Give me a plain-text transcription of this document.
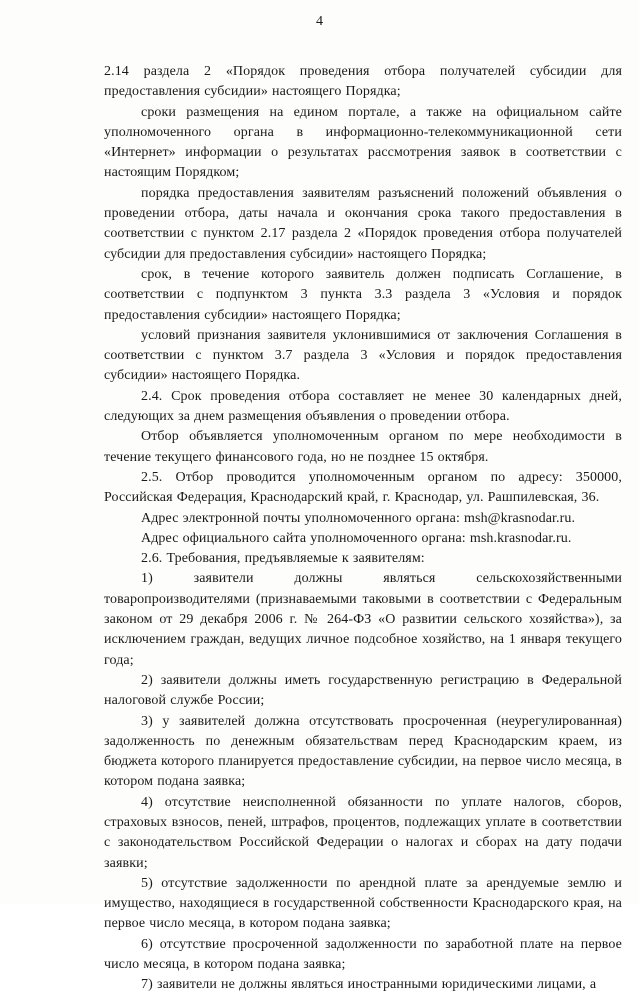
4

2.14 раздела 2 «Порядок проведения отбора получателей субсидии для предоставления субсидии» настоящего Порядка;

сроки размещения на едином портале, а также на официальном сайте уполномоченного органа в информационно-телекоммуникационной сети «Интернет» информации о результатах рассмотрения заявок в соответствии с настоящим Порядком;

порядка предоставления заявителям разъяснений положений объявления о проведении отбора, даты начала и окончания срока такого предоставления в соответствии с пунктом 2.17 раздела 2 «Порядок проведения отбора получателей субсидии для предоставления субсидии» настоящего Порядка;

срок, в течение которого заявитель должен подписать Соглашение, в соответствии с подпунктом 3 пункта 3.3 раздела 3 «Условия и порядок предоставления субсидии» настоящего Порядка;

условий признания заявителя уклонившимися от заключения Соглашения в соответствии с пунктом 3.7 раздела 3 «Условия и порядок предоставления субсидии» настоящего Порядка.

2.4. Срок проведения отбора составляет не менее 30 календарных дней, следующих за днем размещения объявления о проведении отбора.

Отбор объявляется уполномоченным органом по мере необходимости в течение текущего финансового года, но не позднее 15 октября.

2.5. Отбор проводится уполномоченным органом по адресу: 350000, Российская Федерация, Краснодарский край, г. Краснодар, ул. Рашпилевская, 36.

Адрес электронной почты уполномоченного органа: msh@krasnodar.ru.

Адрес официального сайта уполномоченного органа: msh.krasnodar.ru.

2.6. Требования, предъявляемые к заявителям:

1) заявители должны являться сельскохозяйственными товаропроизводителями (признаваемыми таковыми в соответствии с Федеральным законом от 29 декабря 2006 г. № 264-ФЗ «О развитии сельского хозяйства»), за исключением граждан, ведущих личное подсобное хозяйство, на 1 января текущего года;

2) заявители должны иметь государственную регистрацию в Федеральной налоговой службе России;

3) у заявителей должна отсутствовать просроченная (неурегулированная) задолженность по денежным обязательствам перед Краснодарским краем, из бюджета которого планируется предоставление субсидии, на первое число месяца, в котором подана заявка;

4) отсутствие неисполненной обязанности по уплате налогов, сборов, страховых взносов, пеней, штрафов, процентов, подлежащих уплате в соответствии с законодательством Российской Федерации о налогах и сборах на дату подачи заявки;

5) отсутствие задолженности по арендной плате за арендуемые землю и имущество, находящиеся в государственной собственности Краснодарского края, на первое число месяца, в котором подана заявка;

6) отсутствие просроченной задолженности по заработной плате на первое число месяца, в котором подана заявка;

7) заявители не должны являться иностранными юридическими лицами, а
